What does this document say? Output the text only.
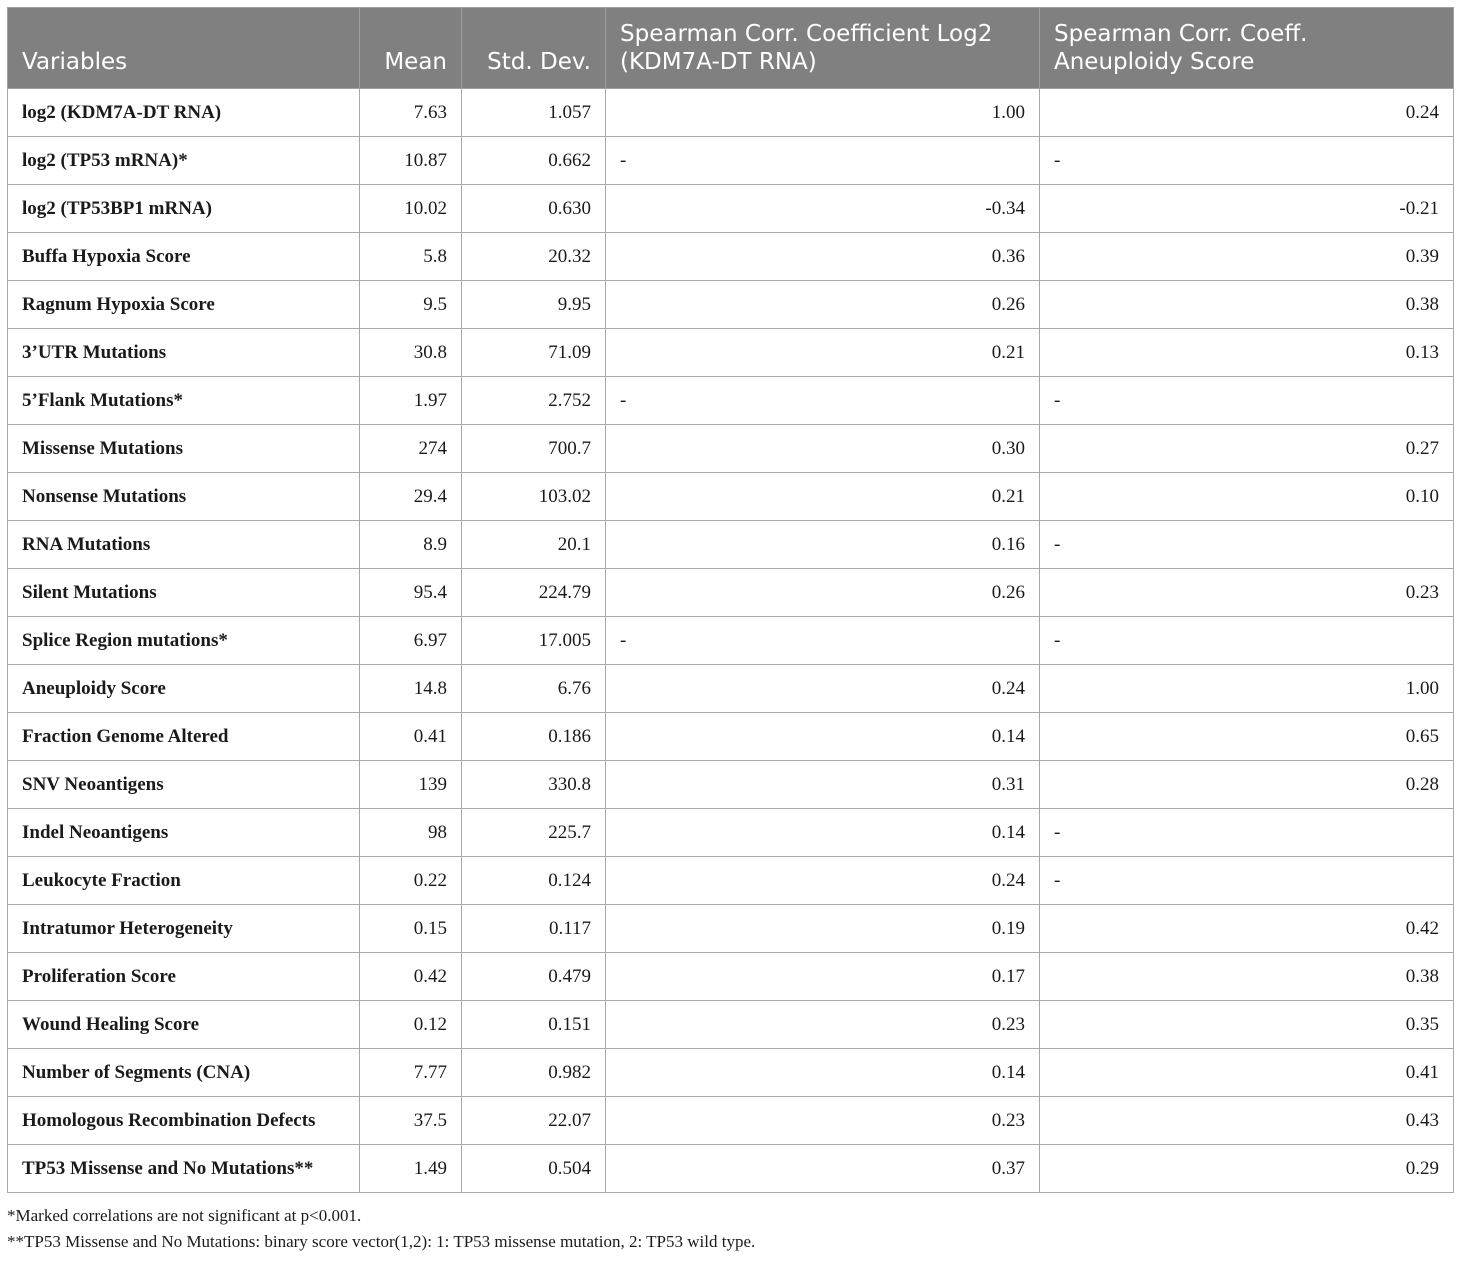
Variables	Mean	Std. Dev.	Spearman Corr. Coefficient Log2 (KDM7A-DT RNA)	Spearman Corr. Coeff. Aneuploidy Score
log2 (KDM7A-DT RNA)	7.63	1.057	1.00	0.24
log2 (TP53 mRNA)*	10.87	0.662	-	-
log2 (TP53BP1 mRNA)	10.02	0.630	-0.34	-0.21
Buffa Hypoxia Score	5.8	20.32	0.36	0.39
Ragnum Hypoxia Score	9.5	9.95	0.26	0.38
3’UTR Mutations	30.8	71.09	0.21	0.13
5’Flank Mutations*	1.97	2.752	-	-
Missense Mutations	274	700.7	0.30	0.27
Nonsense Mutations	29.4	103.02	0.21	0.10
RNA Mutations	8.9	20.1	0.16	-
Silent Mutations	95.4	224.79	0.26	0.23
Splice Region mutations*	6.97	17.005	-	-
Aneuploidy Score	14.8	6.76	0.24	1.00
Fraction Genome Altered	0.41	0.186	0.14	0.65
SNV Neoantigens	139	330.8	0.31	0.28
Indel Neoantigens	98	225.7	0.14	-
Leukocyte Fraction	0.22	0.124	0.24	-
Intratumor Heterogeneity	0.15	0.117	0.19	0.42
Proliferation Score	0.42	0.479	0.17	0.38
Wound Healing Score	0.12	0.151	0.23	0.35
Number of Segments (CNA)	7.77	0.982	0.14	0.41
Homologous Recombination Defects	37.5	22.07	0.23	0.43
TP53 Missense and No Mutations**	1.49	0.504	0.37	0.29
*Marked correlations are not significant at p<0.001.
**TP53 Missense and No Mutations: binary score vector(1,2): 1: TP53 missense mutation, 2: TP53 wild type.
